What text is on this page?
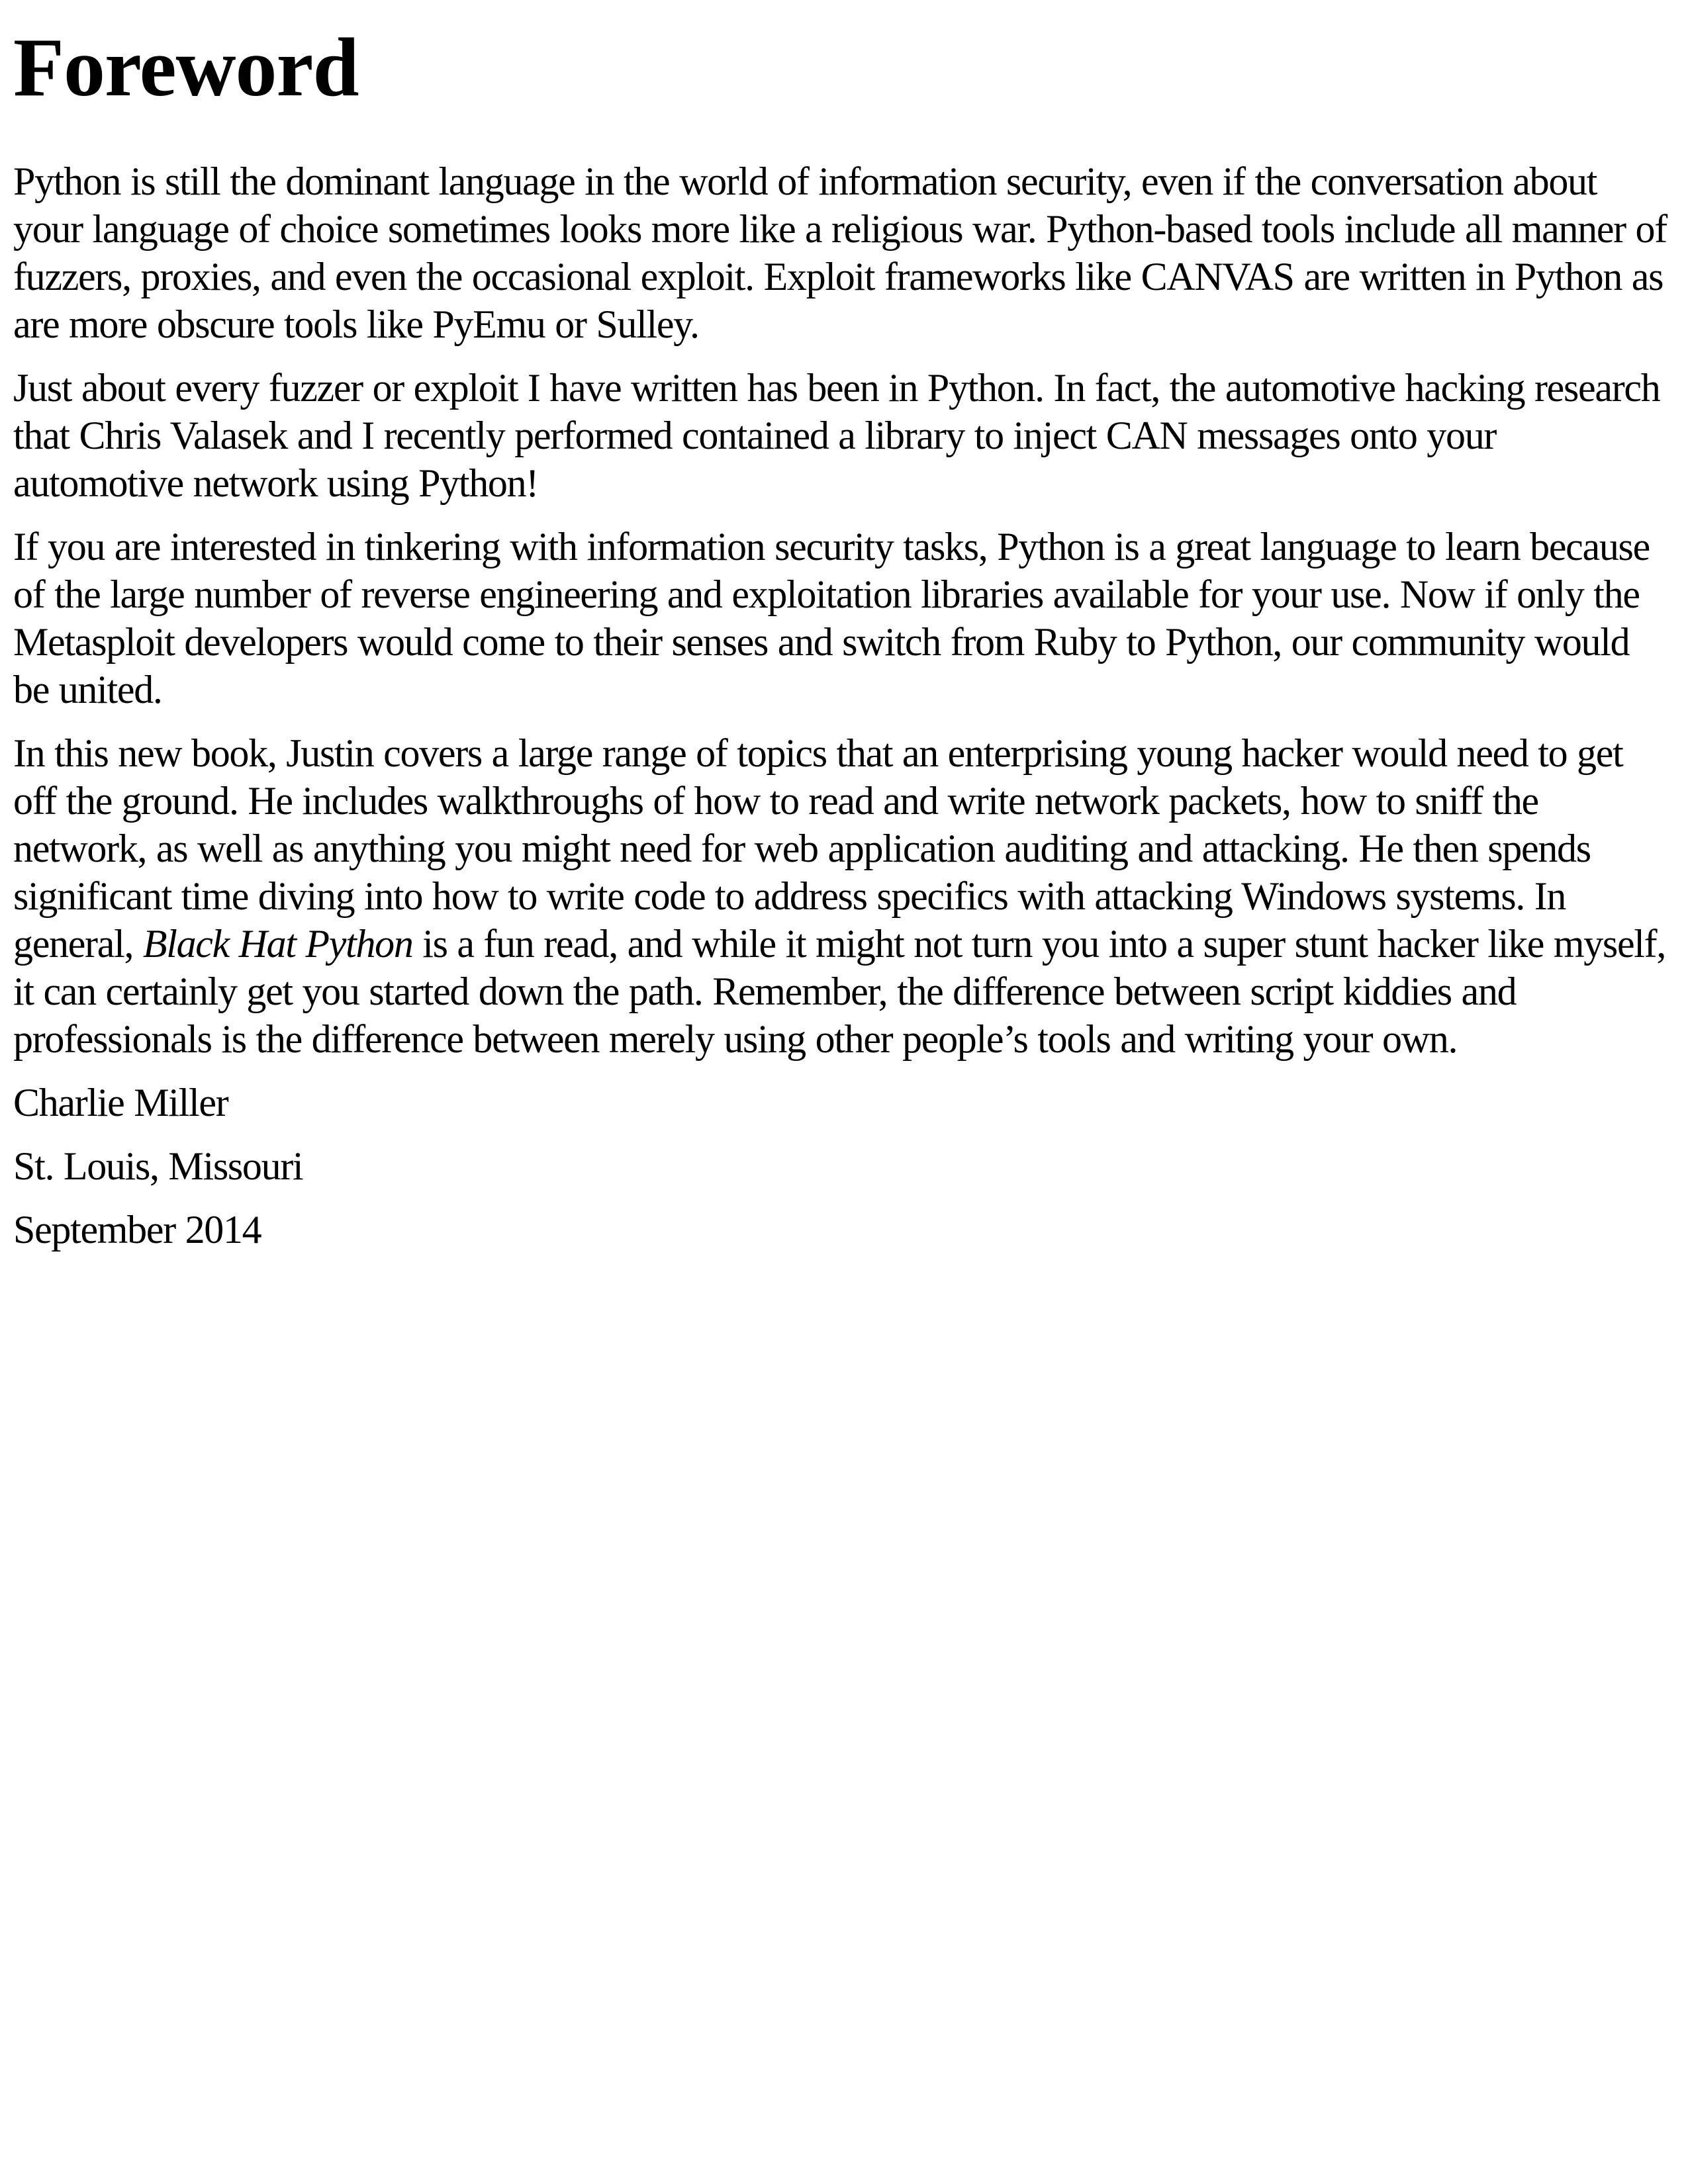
Foreword

Python is still the dominant language in the world of information security, even if the conversation about your language of choice sometimes looks more like a religious war. Python-based tools include all manner of fuzzers, proxies, and even the occasional exploit. Exploit frameworks like CANVAS are written in Python as are more obscure tools like PyEmu or Sulley.

Just about every fuzzer or exploit I have written has been in Python. In fact, the automotive hacking research that Chris Valasek and I recently performed contained a library to inject CAN messages onto your automotive network using Python!

If you are interested in tinkering with information security tasks, Python is a great language to learn because of the large number of reverse engineering and exploitation libraries available for your use. Now if only the Metasploit developers would come to their senses and switch from Ruby to Python, our community would be united.

In this new book, Justin covers a large range of topics that an enterprising young hacker would need to get off the ground. He includes walkthroughs of how to read and write network packets, how to sniff the network, as well as anything you might need for web application auditing and attacking. He then spends significant time diving into how to write code to address specifics with attacking Windows systems. In general, Black Hat Python is a fun read, and while it might not turn you into a super stunt hacker like myself, it can certainly get you started down the path. Remember, the difference between script kiddies and professionals is the difference between merely using other people’s tools and writing your own.

Charlie Miller

St. Louis, Missouri

September 2014
